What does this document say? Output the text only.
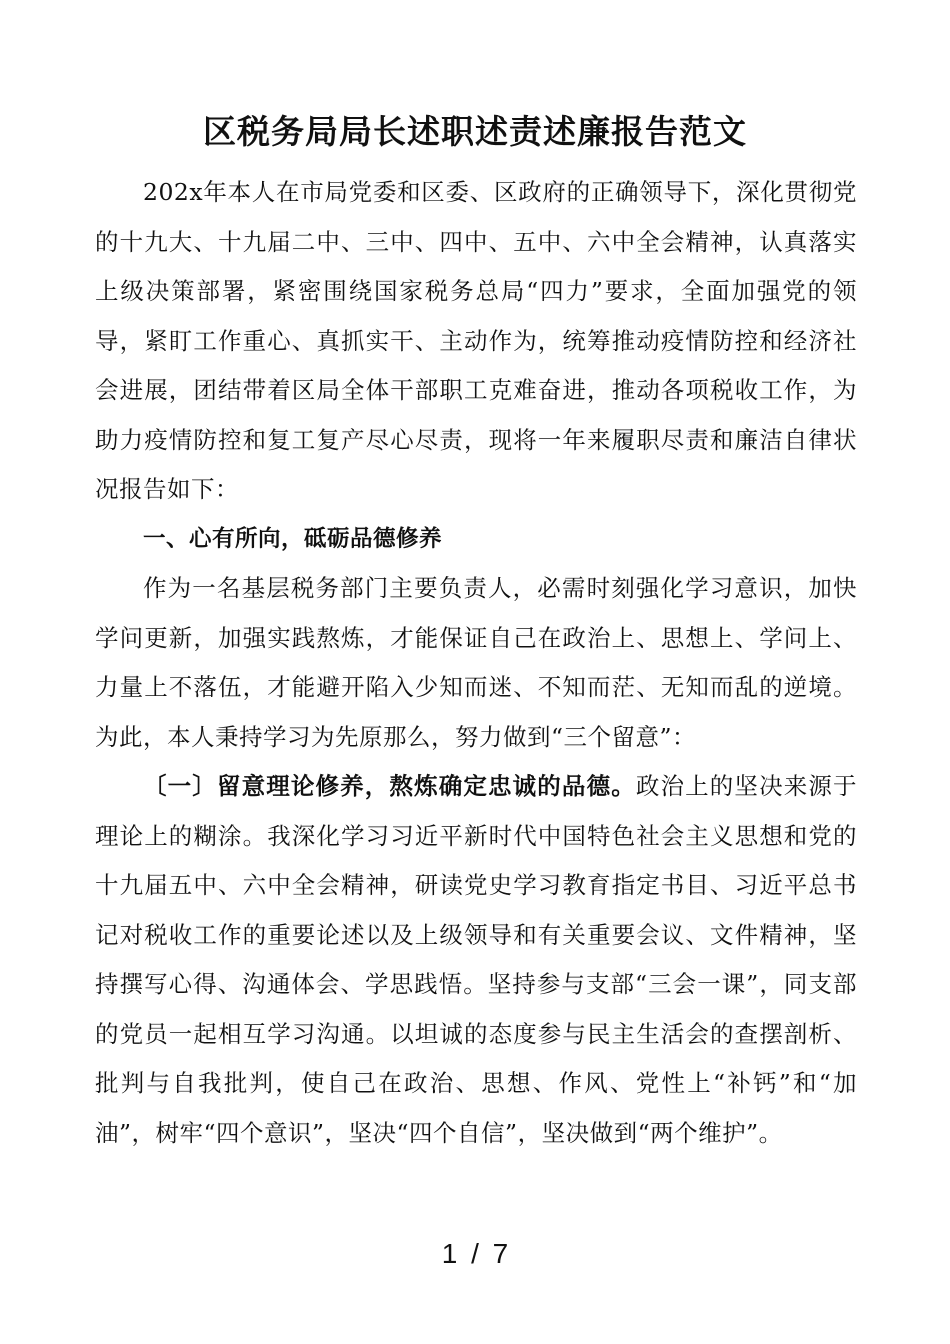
区税务局局长述职述责述廉报告范文

202x年本人在市局党委和区委、区政府的正确领导下，深化贯彻党的十九大、十九届二中、三中、四中、五中、六中全会精神，认真落实上级决策部署，紧密围绕国家税务总局“四力”要求，全面加强党的领导，紧盯工作重心、真抓实干、主动作为，统筹推动疫情防控和经济社会进展，团结带着区局全体干部职工克难奋进，推动各项税收工作，为助力疫情防控和复工复产尽心尽责，现将一年来履职尽责和廉洁自律状况报告如下：

一、心有所向，砥砺品德修养

作为一名基层税务部门主要负责人，必需时刻强化学习意识，加快学问更新，加强实践熬炼，才能保证自己在政治上、思想上、学问上、力量上不落伍，才能避开陷入少知而迷、不知而茫、无知而乱的逆境。为此，本人秉持学习为先原那么，努力做到“三个留意”：

〔一〕留意理论修养，熬炼确定忠诚的品德。政治上的坚决来源于理论上的糊涂。我深化学习习近平新时代中国特色社会主义思想和党的十九届五中、六中全会精神，研读党史学习教育指定书目、习近平总书记对税收工作的重要论述以及上级领导和有关重要会议、文件精神，坚持撰写心得、沟通体会、学思践悟。坚持参与支部“三会一课”，同支部的党员一起相互学习沟通。以坦诚的态度参与民主生活会的查摆剖析、批判与自我批判，使自己在政治、思想、作风、党性上“补钙”和“加油”，树牢“四个意识”，坚决“四个自信”，坚决做到“两个维护”。

1 / 7
